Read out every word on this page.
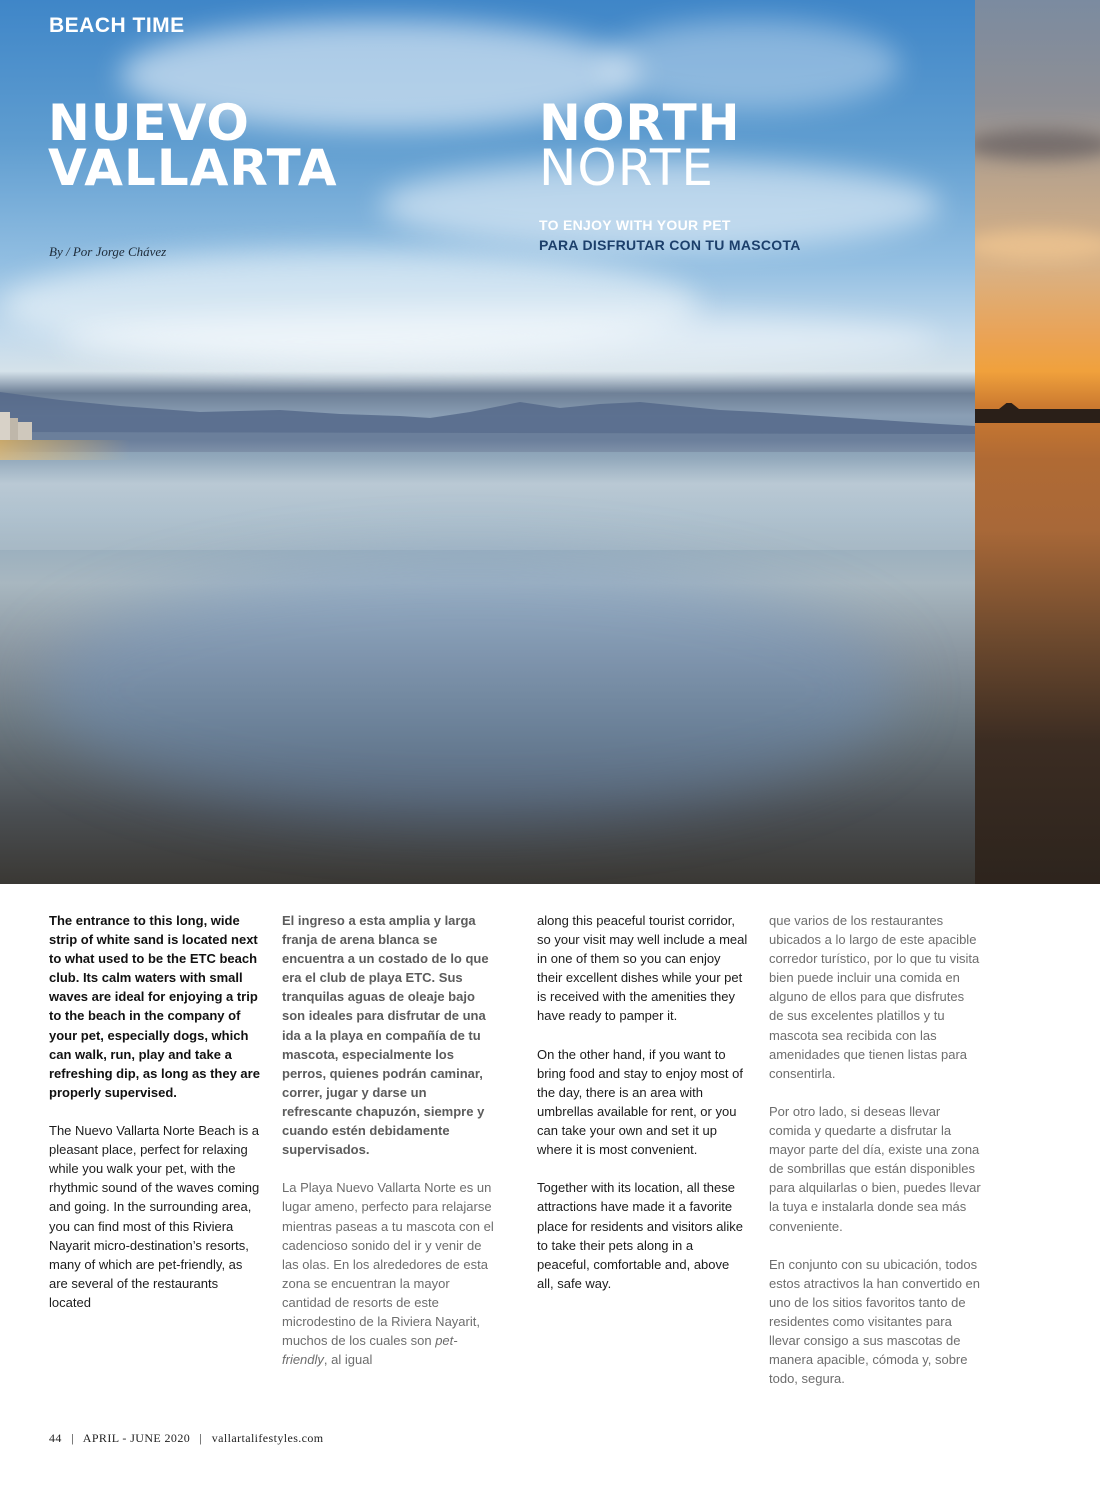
BEACH TIME
NUEVO
VALLARTA
By / Por Jorge Chávez
NORTH
NORTE
TO ENJOY WITH YOUR PET
PARA DISFRUTAR CON TU MASCOTA

The entrance to this long, wide strip of white sand is located next to what used to be the ETC beach club. Its calm waters with small waves are ideal for enjoying a trip to the beach in the company of your pet, especially dogs, which can walk, run, play and take a refreshing dip, as long as they are properly supervised.

The Nuevo Vallarta Norte Beach is a pleasant place, perfect for relaxing while you walk your pet, with the rhythmic sound of the waves coming and going. In the surrounding area, you can find most of this Riviera Nayarit micro-destination’s resorts, many of which are pet-friendly, as are several of the restaurants located

El ingreso a esta amplia y larga franja de arena blanca se encuentra a un costado de lo que era el club de playa ETC. Sus tranquilas aguas de oleaje bajo son ideales para disfrutar de una ida a la playa en compañía de tu mascota, especialmente los perros, quienes podrán caminar, correr, jugar y darse un refrescante chapuzón, siempre y cuando estén debidamente supervisados.

La Playa Nuevo Vallarta Norte es un lugar ameno, perfecto para relajarse mientras paseas a tu mascota con el cadencioso sonido del ir y venir de las olas. En los alrededores de esta zona se encuentran la mayor cantidad de resorts de este microdestino de la Riviera Nayarit, muchos de los cuales son pet-friendly, al igual

along this peaceful tourist corridor, so your visit may well include a meal in one of them so you can enjoy their excellent dishes while your pet is received with the amenities they have ready to pamper it.

On the other hand, if you want to bring food and stay to enjoy most of the day, there is an area with umbrellas available for rent, or you can take your own and set it up where it is most convenient.

Together with its location, all these attractions have made it a favorite place for residents and visitors alike to take their pets along in a peaceful, comfortable and, above all, safe way.

que varios de los restaurantes ubicados a lo largo de este apacible corredor turístico, por lo que tu visita bien puede incluir una comida en alguno de ellos para que disfrutes de sus excelentes platillos y tu mascota sea recibida con las amenidades que tienen listas para consentirla.

Por otro lado, si deseas llevar comida y quedarte a disfrutar la mayor parte del día, existe una zona de sombrillas que están disponibles para alquilarlas o bien, puedes llevar la tuya e instalarla donde sea más conveniente.

En conjunto con su ubicación, todos estos atractivos la han convertido en uno de los sitios favoritos tanto de residentes como visitantes para llevar consigo a sus mascotas de manera apacible, cómoda y, sobre todo, segura.

44 | APRIL - JUNE 2020 | vallartalifestyles.com
